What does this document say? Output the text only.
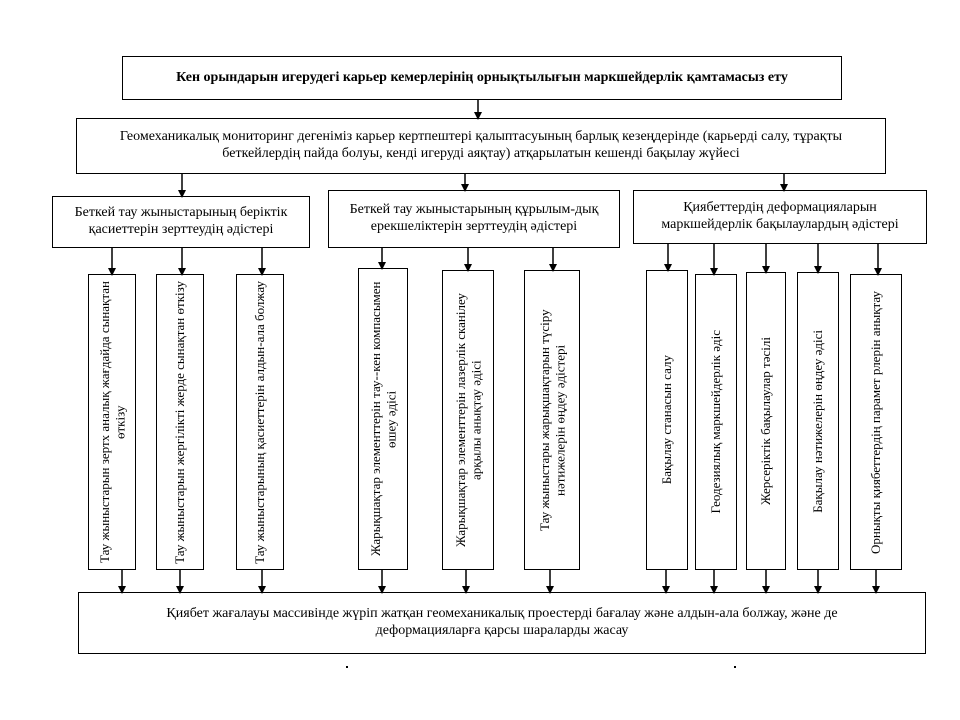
Кен орындарын игерудегі карьер кемерлерінің орнықтылығын маркшейдерлік қамтамасыз ету
Геомеханикалық мониторинг дегеніміз карьер кертпештері қалыптасуының барлық кезеңдерінде (карьерді салу, тұрақты беткейлердің пайда болуы, кенді игеруді аяқтау) атқарылатын кешенді бақылау жүйесі
Беткей тау жыныстарының беріктік қасиеттерін зерттеудің әдістері
Беткей тау жыныстарының құрылым-дық ерекшеліктерін зерттеудің әдістері
Қиябеттердің деформацияларын маркшейдерлік бақылаулардың әдістері
Тау жыныстарын зертх аналық жағдайда сынақтан өткізу	Тау жыныстарын жергілікті жерде сынақтан өткізу	Тау жыныстарының қасиеттерін алдын-ала болжау	Жарықшақтар элементтерін тау--кен компасымен өшеу әдісі	Жарықшақтар элементтерін лазерлік сканілеу арқылы анықтау әдісі	Тау жыныстары жарықшақтарын түсіру нәтижелерін өңдеу әдістері	Бақылау станасын салу	Геодезиялық маркшейдерлік әдіс	Жерсеріктік бақылаулар тәсілі	Бақылау нәтижелерін өңдеу әдісі	Орнықты қиябеттердің парамет рлерін анықтау
Қиябет жағалауы массивінде жүріп жатқан геомеханикалық проестерді бағалау және алдын-ала болжау, және де деформацияларға қарсы шараларды жасау
